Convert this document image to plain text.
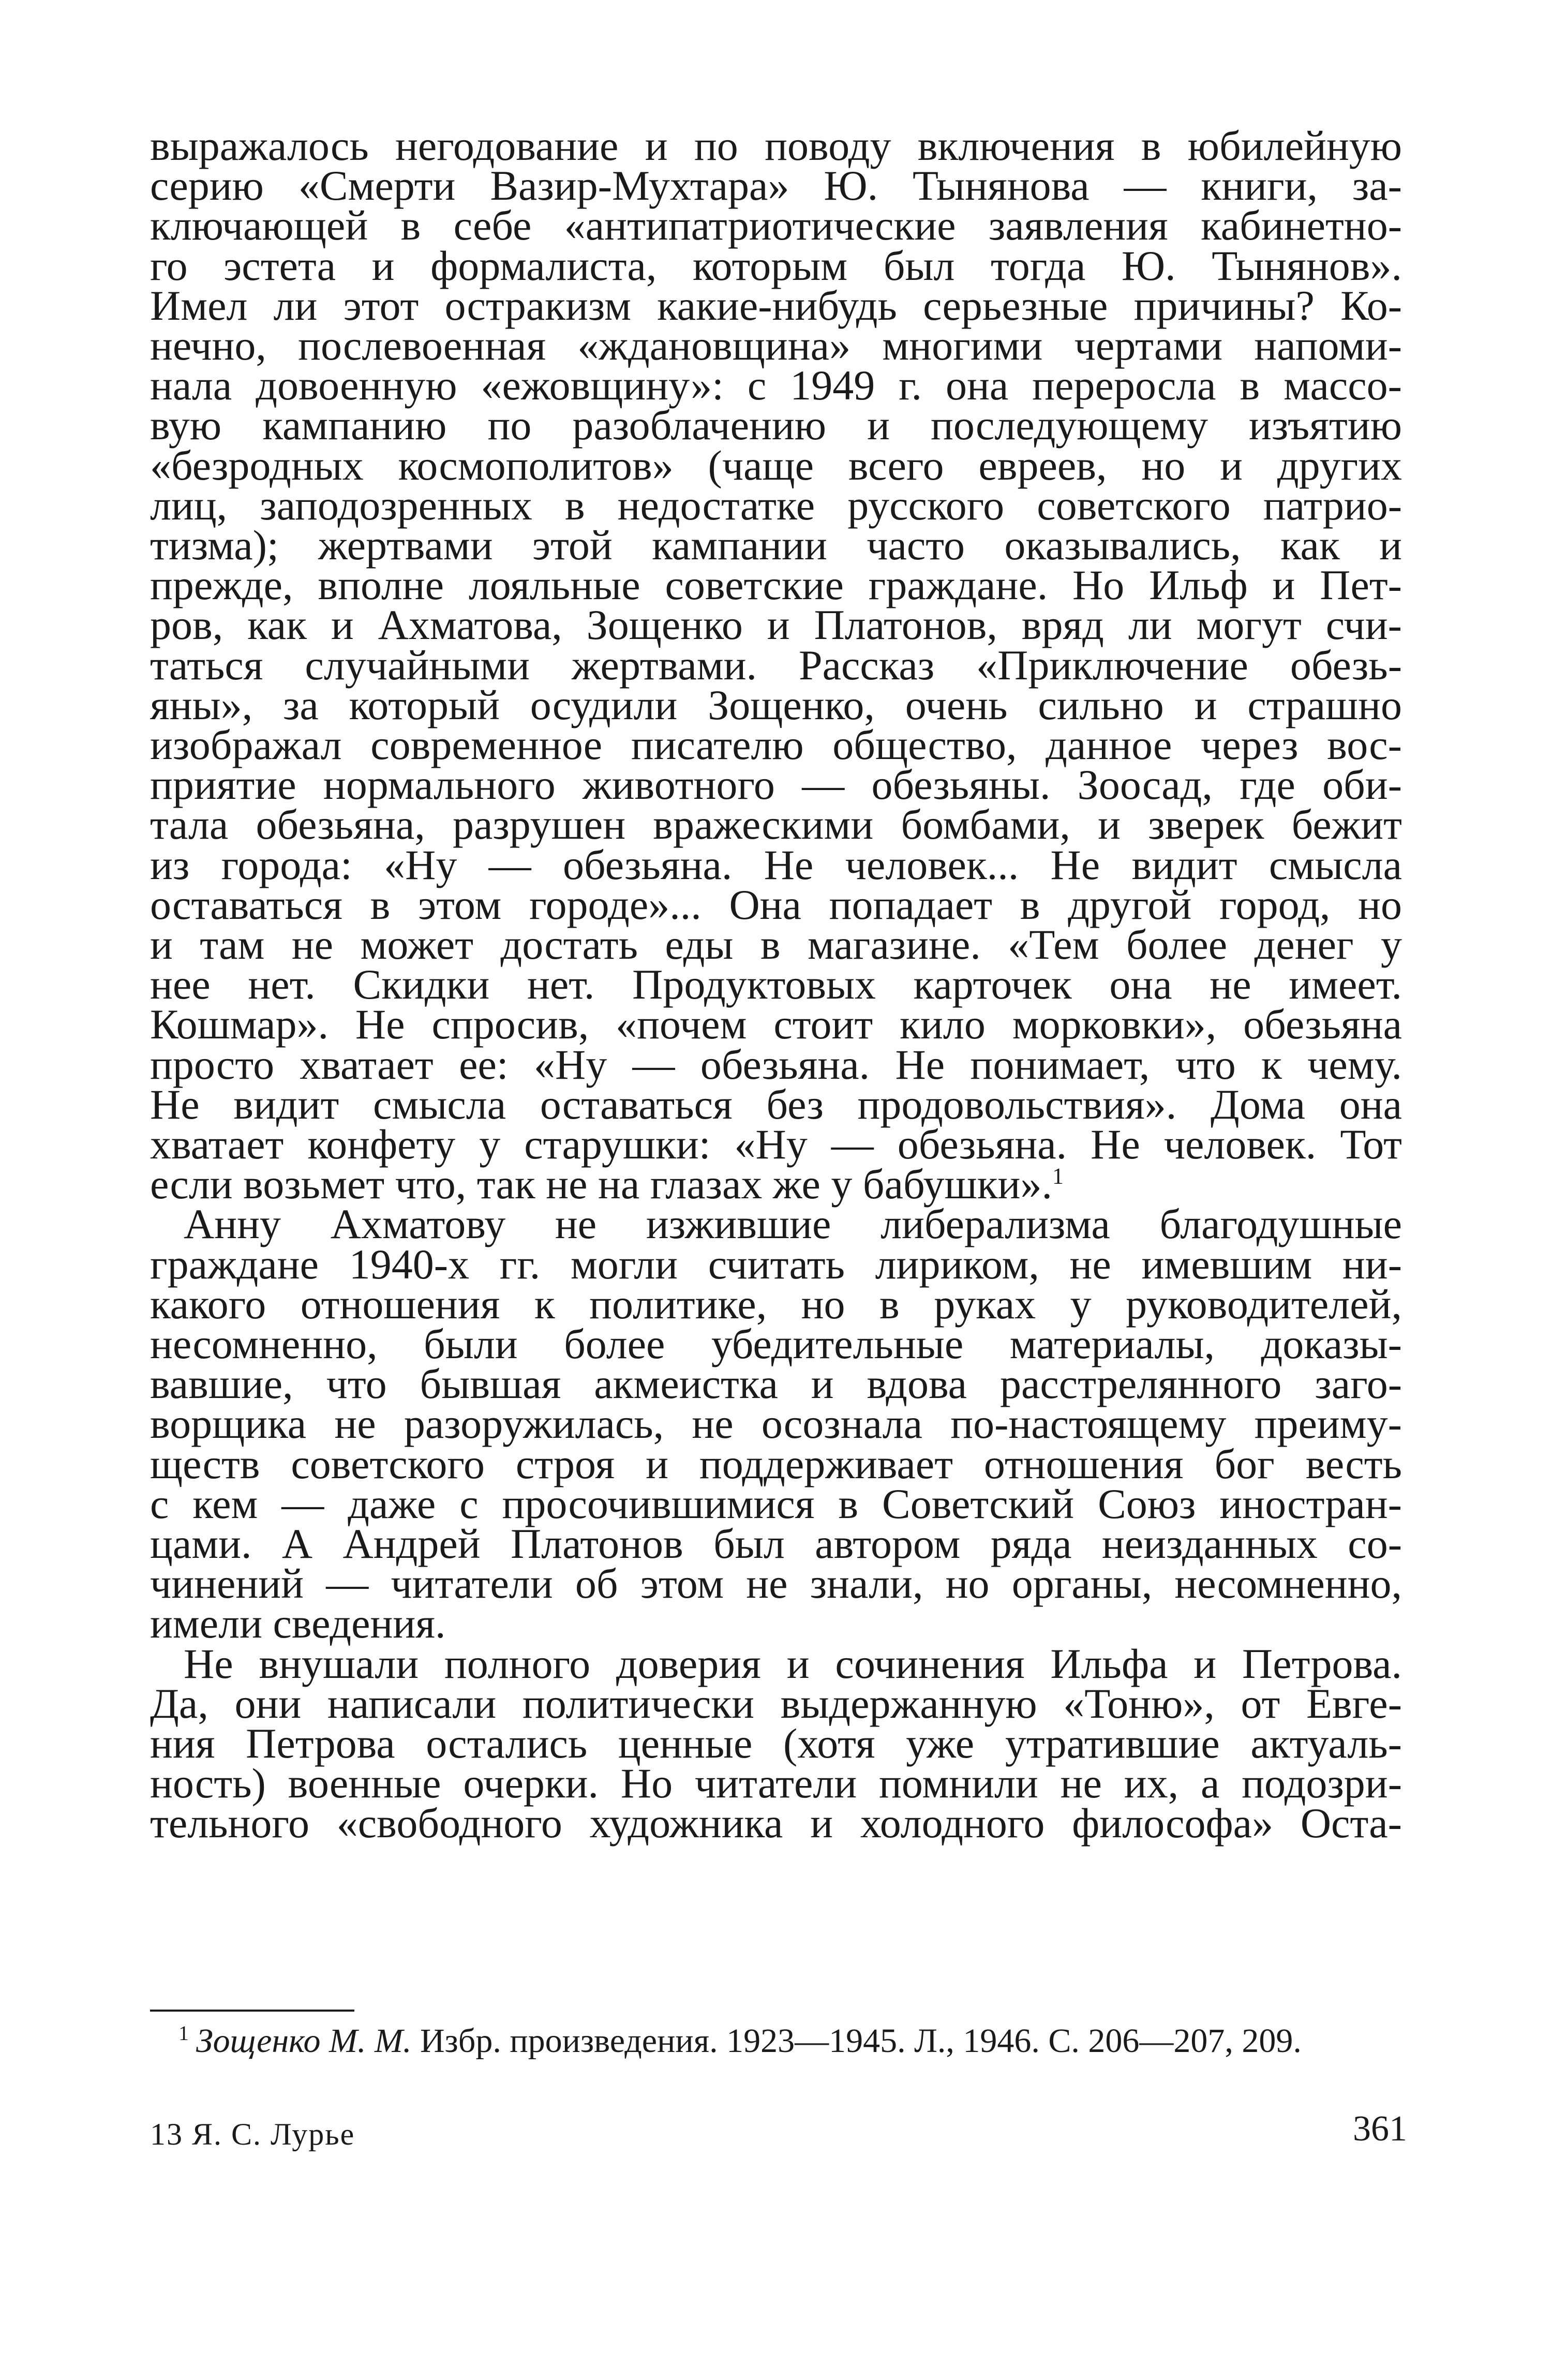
выражалось негодование и по поводу включения в юбилейную
серию «Смерти Вазир-Мухтара» Ю. Тынянова — книги, за-
ключающей в себе «антипатриотические заявления кабинетно-
го эстета и формалиста, которым был тогда Ю. Тынянов».
Имел ли этот остракизм какие-нибудь серьезные причины? Ко-
нечно, послевоенная «ждановщина» многими чертами напоми-
нала довоенную «ежовщину»: с 1949 г. она переросла в массо-
вую кампанию по разоблачению и последующему изъятию
«безродных космополитов» (чаще всего евреев, но и других
лиц, заподозренных в недостатке русского советского патрио-
тизма); жертвами этой кампании часто оказывались, как и
прежде, вполне лояльные советские граждане. Но Ильф и Пет-
ров, как и Ахматова, Зощенко и Платонов, вряд ли могут счи-
таться случайными жертвами. Рассказ «Приключение обезь-
яны», за который осудили Зощенко, очень сильно и страшно
изображал современное писателю общество, данное через вос-
приятие нормального животного — обезьяны. Зоосад, где оби-
тала обезьяна, разрушен вражескими бомбами, и зверек бежит
из города: «Ну — обезьяна. Не человек... Не видит смысла
оставаться в этом городе»... Она попадает в другой город, но
и там не может достать еды в магазине. «Тем более денег у
нее нет. Скидки нет. Продуктовых карточек она не имеет.
Кошмар». Не спросив, «почем стоит кило морковки», обезьяна
просто хватает ее: «Ну — обезьяна. Не понимает, что к чему.
Не видит смысла оставаться без продовольствия». Дома она
хватает конфету у старушки: «Ну — обезьяна. Не человек. Тот
если возьмет что, так не на глазах же у бабушки».$^1$
Анну Ахматову не изжившие либерализма благодушные
граждане 1940-х гг. могли считать лириком, не имевшим ни-
какого отношения к политике, но в руках у руководителей,
несомненно, были более убедительные материалы, доказы-
вавшие, что бывшая акмеистка и вдова расстрелянного заго-
ворщика не разоружилась, не осознала по-настоящему преиму-
ществ советского строя и поддерживает отношения бог весть
с кем — даже с просочившимися в Советский Союз иностран-
цами. А Андрей Платонов был автором ряда неизданных со-
чинений — читатели об этом не знали, но органы, несомненно,
имели сведения.
Не внушали полного доверия и сочинения Ильфа и Петрова.
Да, они написали политически выдержанную «Тоню», от Евге-
ния Петрова остались ценные (хотя уже утратившие актуаль-
ность) военные очерки. Но читатели помнили не их, а подозри-
тельного «свободного художника и холодного философа» Оста-
$^1$ Зощенко М. М. Избр. произведения. 1923—1945. Л., 1946. С. 206—207, 209.
13 Я. С. Лурье	361
